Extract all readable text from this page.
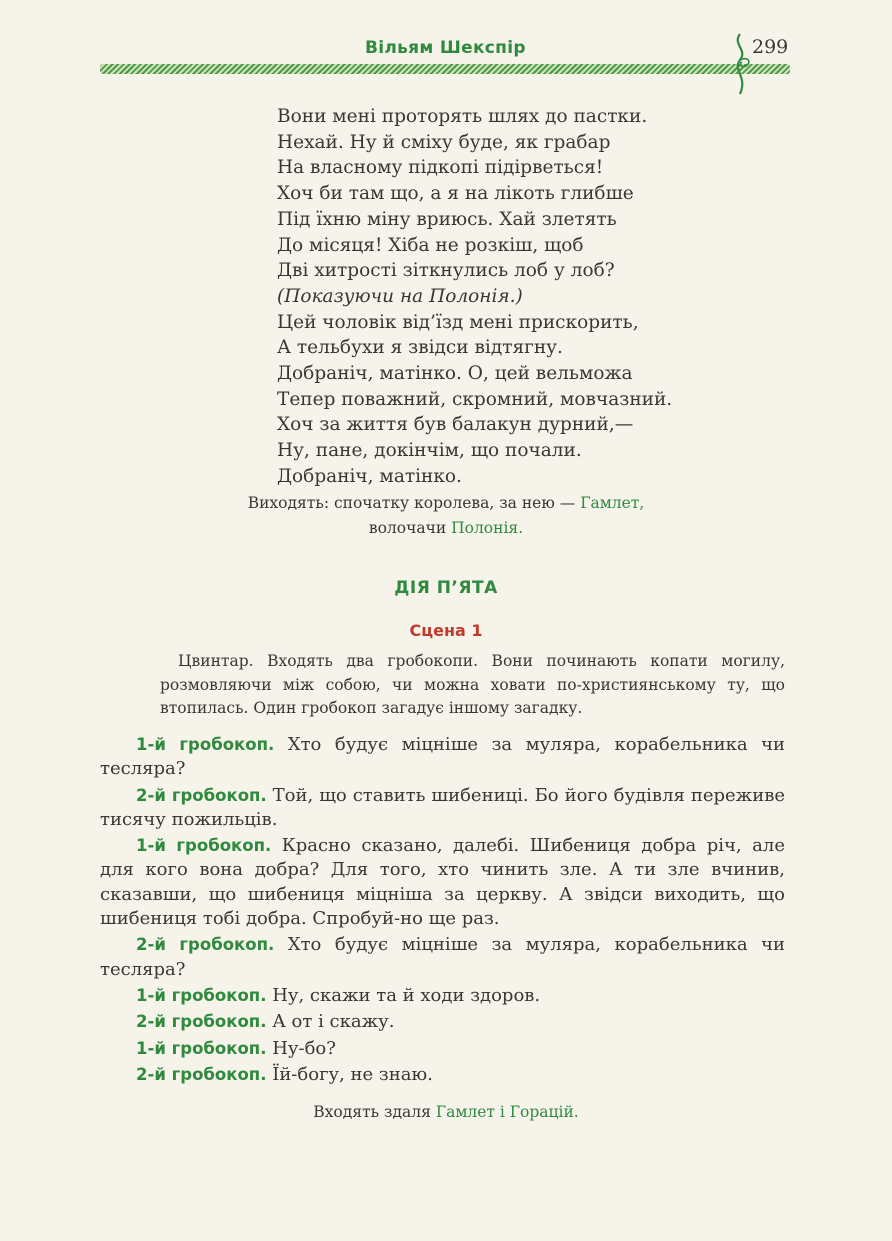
Вільям Шекспір	299
Вони мені проторять шлях до пастки.
Нехай. Ну й сміху буде, як грабар
На власному підкопі підірветься!
Хоч би там що, а я на лікоть глибше
Під їхню міну вриюсь. Хай злетять
До місяця! Хіба не розкіш, щоб
Дві хитрості зіткнулись лоб у лоб?
(Показуючи на Полонія.)
Цей чоловік від’їзд мені прискорить,
А тельбухи я звідси відтягну.
Добраніч, матінко. О, цей вельможа
Тепер поважний, скромний, мовчазний.
Хоч за життя був балакун дурний,—
Ну, пане, докінчім, що почали.
Добраніч, матінко.
Виходять: спочатку королева, за нею — Гамлет,
волочачи Полонія.
ДІЯ П’ЯТА
Сцена 1
Цвинтар. Входять два гробокопи. Вони починають копати могилу, розмовляючи між собою, чи можна ховати по-християнському ту, що втопилась. Один гробокоп загадує іншому загадку.
1-й гробокоп. Хто будує міцніше за муляра, корабельника чи тесляра?
2-й гробокоп. Той, що ставить шибениці. Бо його будівля переживе тисячу пожильців.
1-й гробокоп. Красно сказано, далебі. Шибениця добра річ, але для кого вона добра? Для того, хто чинить зле. А ти зле вчинив, сказавши, що шибениця міцніша за церкву. А звідси виходить, що шибениця тобі добра. Спробуй-но ще раз.
2-й гробокоп. Хто будує міцніше за муляра, корабельника чи тесляра?
1-й гробокоп. Ну, скажи та й ходи здоров.
2-й гробокоп. А от і скажу.
1-й гробокоп. Ну-бо?
2-й гробокоп. Їй-богу, не знаю.
Входять здаля Гамлет і Горацій.
